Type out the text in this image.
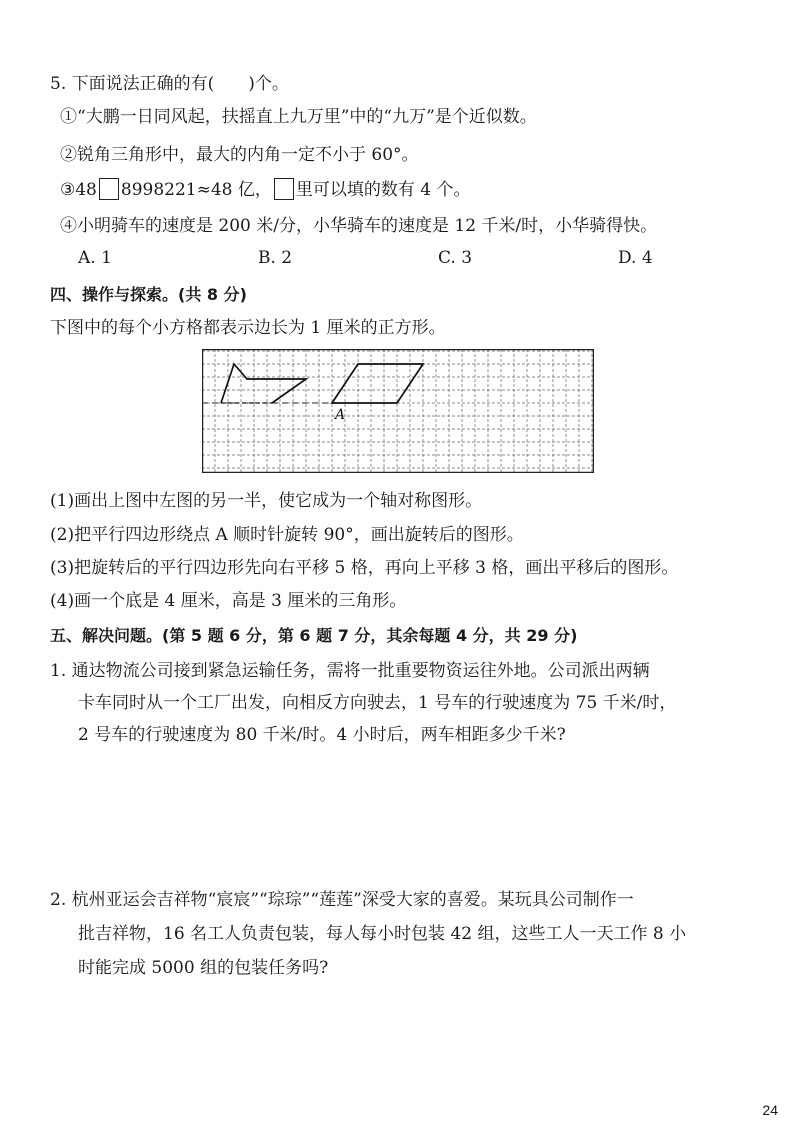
5. 下面说法正确的有(　　)个。
①“大鹏一日同风起，扶摇直上九万里”中的“九万”是个近似数。
②锐角三角形中，最大的内角一定不小于 60°。
③48 8998221≈48 亿， 里可以填的数有 4 个。
④小明骑车的速度是 200 米/分，小华骑车的速度是 12 千米/时，小华骑得快。
A. 1	B. 2	C. 3	D. 4
四、操作与探索。(共 8 分)
下图中的每个小方格都表示边长为 1 厘米的正方形。
A
(1)画出上图中左图的另一半，使它成为一个轴对称图形。
(2)把平行四边形绕点 A 顺时针旋转 90°，画出旋转后的图形。
(3)把旋转后的平行四边形先向右平移 5 格，再向上平移 3 格，画出平移后的图形。
(4)画一个底是 4 厘米，高是 3 厘米的三角形。
五、解决问题。(第 5 题 6 分，第 6 题 7 分，其余每题 4 分，共 29 分)
1. 通达物流公司接到紧急运输任务，需将一批重要物资运往外地。公司派出两辆
卡车同时从一个工厂出发，向相反方向驶去，1 号车的行驶速度为 75 千米/时，
2 号车的行驶速度为 80 千米/时。4 小时后，两车相距多少千米?
2. 杭州亚运会吉祥物“宸宸”“琮琮”“莲莲”深受大家的喜爱。某玩具公司制作一
批吉祥物，16 名工人负责包装，每人每小时包装 42 组，这些工人一天工作 8 小
时能完成 5000 组的包装任务吗?
24
